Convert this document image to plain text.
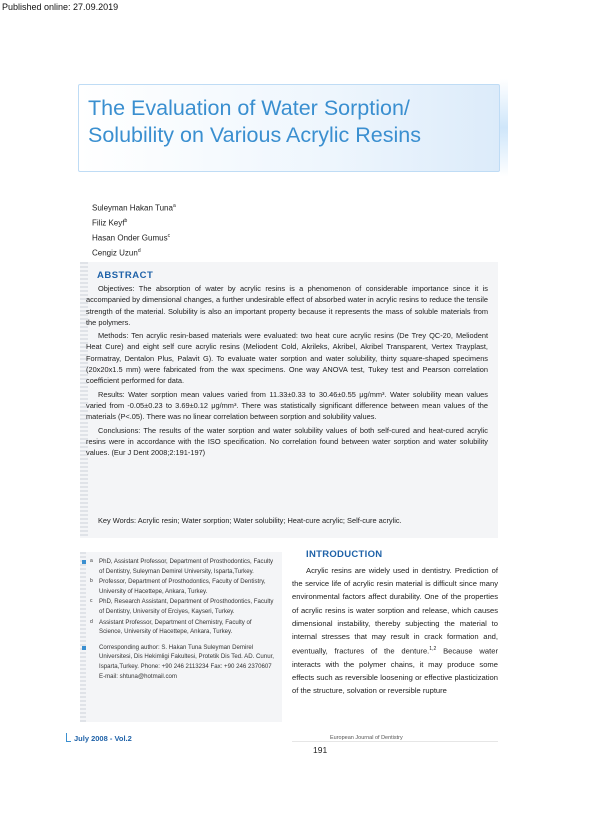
Published online: 27.09.2019
The Evaluation of Water Sorption/
Solubility on Various Acrylic Resins
Suleyman Hakan Tuna$^a$
Filiz Keyf$^b$
Hasan Onder Gumus$^c$
Cengiz Uzun$^d$
ABSTRACT

Objectives: The absorption of water by acrylic resins is a phenomenon of considerable importance since it is accompanied by dimensional changes, a further undesirable effect of absorbed water in acrylic resins to reduce the tensile strength of the material. Solubility is also an important property because it represents the mass of soluble materials from the polymers.

Methods: Ten acrylic resin-based materials were evaluated: two heat cure acrylic resins (De Trey QC-20, Meliodent Heat Cure) and eight self cure acrylic resins (Meliodent Cold, Akrileks, Akribel, Akribel Transparent, Vertex Trayplast, Formatray, Dentalon Plus, Palavit G). To evaluate water sorption and water solubility, thirty square-shaped specimens (20x20x1.5 mm) were fabricated from the wax specimens. One way ANOVA test, Tukey test and Pearson correlation coefficient performed for data.

Results: Water sorption mean values varied from 11.33±0.33 to 30.46±0.55 μg/mm³. Water solubility mean values varied from -0.05±0.23 to 3.69±0.12 μg/mm³. There was statistically significant difference between mean values of the materials (P<.05). There was no linear correlation between sorption and solubility values.

Conclusions: The results of the water sorption and water solubility values of both self-cured and heat-cured acrylic resins were in accordance with the ISO specification. No correlation found between water sorption and water solubility values. (Eur J Dent 2008;2:191-197)

Key Words: Acrylic resin; Water sorption; Water solubility; Heat-cure acrylic; Self-cure acrylic.
a PhD, Assistant Professor, Department of Prosthodontics, Faculty of Dentistry, Suleyman Demirel University, Isparta,Turkey.
b Professor, Department of Prosthodontics, Faculty of Dentistry, University of Hacettepe, Ankara, Turkey.
c PhD, Research Assistant, Department of Prosthodontics, Faculty of Dentistry, University of Erciyes, Kayseri, Turkey.
d Assistant Professor, Department of Chemistry, Faculty of Science, University of Hacettepe, Ankara, Turkey.
Corresponding author: S. Hakan Tuna Suleyman Demirel Universitesi, Dis Hekimligi Fakultesi, Protetik Dis Ted. AD. Cunur, Isparta,Turkey. Phone: +90 246 2113234 Fax: +90 246 2370607 E-mail: shtuna@hotmail.com
INTRODUCTION

Acrylic resins are widely used in dentistry. Prediction of the service life of acrylic resin material is difficult since many environmental factors affect durability. One of the properties of acrylic resins is water sorption and release, which causes dimensional instability, thereby subjecting the material to internal stresses that may result in crack formation and, eventually, fractures of the denture.$^{1,2}$ Because water interacts with the polymer chains, it may produce some effects such as reversible loosening or effective plasticization of the structure, solvation or reversible rupture

July 2008 - Vol.2	European Journal of Dentistry
191
